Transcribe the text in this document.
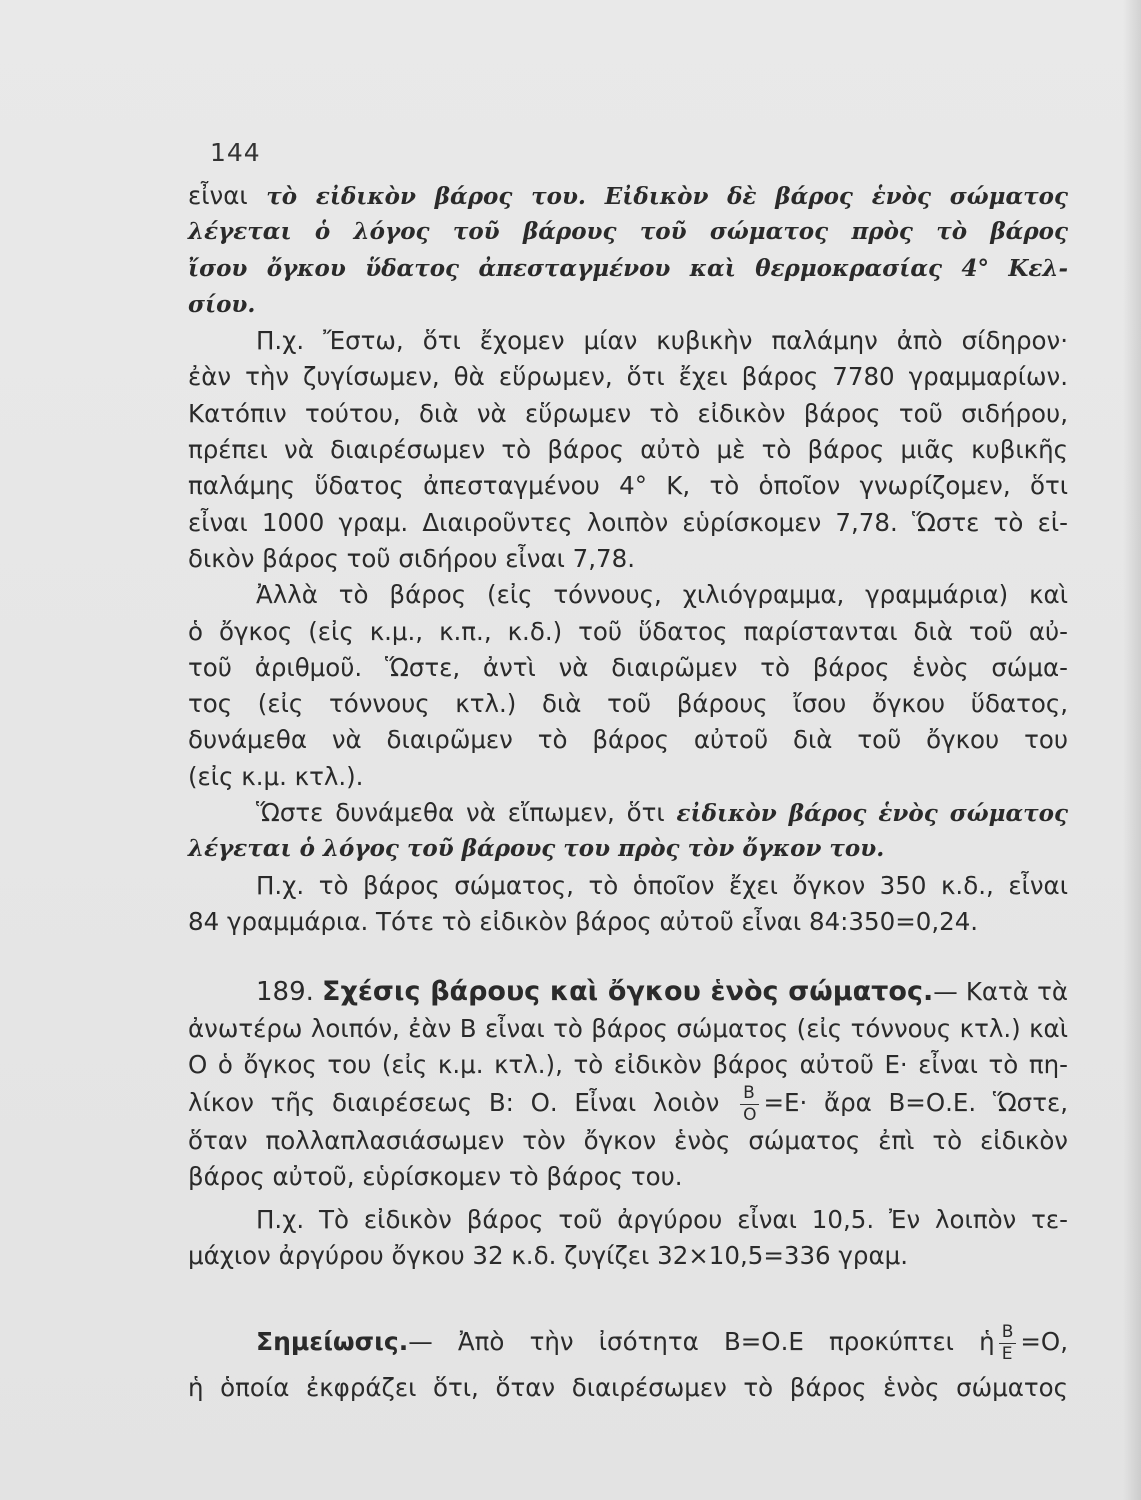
144
εἶναι τὸ εἰδικὸν βάρος του. Εἰδικὸν δὲ βάρος ἑνὸς σώματος
λέγεται ὁ λόγος τοῦ βάρους τοῦ σώματος πρὸς τὸ βάρος
ἴσου ὄγκου ὕδατος ἀπεσταγμένου καὶ θερμοκρασίας 4° Κελ-
σίου.
Π.χ. Ἔστω, ὅτι ἔχομεν μίαν κυβικὴν παλάμην ἀπὸ σίδηρον·
ἐὰν τὴν ζυγίσωμεν, θὰ εὕρωμεν, ὅτι ἔχει βάρος 7780 γραμμαρίων.
Κατόπιν τούτου, διὰ νὰ εὕρωμεν τὸ εἰδικὸν βάρος τοῦ σιδήρου,
πρέπει νὰ διαιρέσωμεν τὸ βάρος αὐτὸ μὲ τὸ βάρος μιᾶς κυβικῆς
παλάμης ὕδατος ἀπεσταγμένου 4° Κ, τὸ ὁποῖον γνωρίζομεν, ὅτι
εἶναι 1000 γραμ. Διαιροῦντες λοιπὸν εὑρίσκομεν 7,78. Ὥστε τὸ εἰ-
δικὸν βάρος τοῦ σιδήρου εἶναι 7,78.
Ἀλλὰ τὸ βάρος (εἰς τόννους, χιλιόγραμμα, γραμμάρια) καὶ
ὁ ὄγκος (εἰς κ.μ., κ.π., κ.δ.) τοῦ ὕδατος παρίστανται διὰ τοῦ αὐ-
τοῦ ἀριθμοῦ. Ὥστε, ἀντὶ νὰ διαιρῶμεν τὸ βάρος ἑνὸς σώμα-
τος (εἰς τόννους κτλ.) διὰ τοῦ βάρους ἴσου ὄγκου ὕδατος,
δυνάμεθα νὰ διαιρῶμεν τὸ βάρος αὐτοῦ διὰ τοῦ ὄγκου του
(εἰς κ.μ. κτλ.).
Ὥστε δυνάμεθα νὰ εἴπωμεν, ὅτι εἰδικὸν βάρος ἑνὸς σώματος
λέγεται ὁ λόγος τοῦ βάρους του πρὸς τὸν ὄγκον του.
Π.χ. τὸ βάρος σώματος, τὸ ὁποῖον ἔχει ὄγκον 350 κ.δ., εἶναι
84 γραμμάρια. Τότε τὸ εἰδικὸν βάρος αὐτοῦ εἶναι 84:350=0,24.
189. Σχέσις βάρους καὶ ὄγκου ἑνὸς σώματος.— Κατὰ τὰ
ἀνωτέρω λοιπόν, ἐὰν Β εἶναι τὸ βάρος σώματος (εἰς τόννους κτλ.) καὶ
Ο ὁ ὄγκος του (εἰς κ.μ. κτλ.), τὸ εἰδικὸν βάρος αὐτοῦ Ε· εἶναι τὸ πη-
λίκον τῆς διαιρέσεως Β: Ο. Εἶναι λοιὸν $\frac{B}{O} =E\cdot$ ἄρα Β=Ο.Ε. Ὥστε,
ὅταν πολλαπλασιάσωμεν τὸν ὄγκον ἑνὸς σώματος ἐπὶ τὸ εἰδικὸν
βάρος αὐτοῦ, εὑρίσκομεν τὸ βάρος του.
Π.χ. Τὸ εἰδικὸν βάρος τοῦ ἀργύρου εἶναι 10,5. Ἐν λοιπὸν τε-
μάχιον ἀργύρου ὄγκου 32 κ.δ. ζυγίζει 32×10,5=336 γραμ.
Σημείωσις.— Ἀπὸ τὴν ἰσότητα Β=Ο.Ε προκύπτει ἡ $\frac{B}{E} =O$,
ἡ ὁποία ἐκφράζει ὅτι, ὅταν διαιρέσωμεν τὸ βάρος ἑνὸς σώματος
